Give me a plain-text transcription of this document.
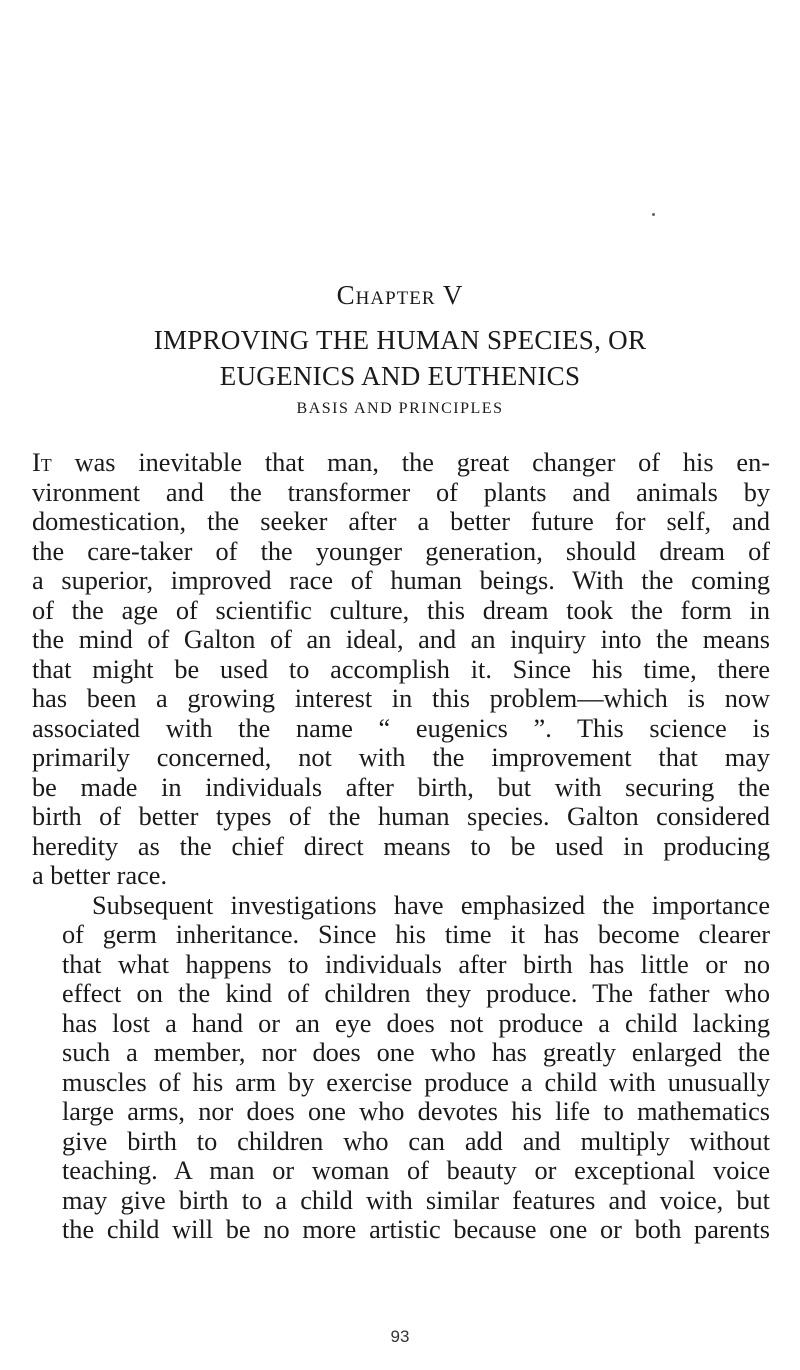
Chapter V
IMPROVING THE HUMAN SPECIES, OR
EUGENICS AND EUTHENICS
BASIS AND PRINCIPLES
It was inevitable that man, the great changer of his en-
vironment and the transformer of plants and animals by
domestication, the seeker after a better future for self, and
the care-taker of the younger generation, should dream of
a superior, improved race of human beings. With the coming
of the age of scientific culture, this dream took the form in
the mind of Galton of an ideal, and an inquiry into the means
that might be used to accomplish it. Since his time, there
has been a growing interest in this problem—which is now
associated with the name “ eugenics ”. This science is
primarily concerned, not with the improvement that may
be made in individuals after birth, but with securing the
birth of better types of the human species. Galton considered
heredity as the chief direct means to be used in producing
a better race.
Subsequent investigations have emphasized the importance
of germ inheritance. Since his time it has become clearer
that what happens to individuals after birth has little or no
effect on the kind of children they produce. The father who
has lost a hand or an eye does not produce a child lacking
such a member, nor does one who has greatly enlarged the
muscles of his arm by exercise produce a child with unusually
large arms, nor does one who devotes his life to mathematics
give birth to children who can add and multiply without
teaching. A man or woman of beauty or exceptional voice
may give birth to a child with similar features and voice, but
the child will be no more artistic because one or both parents
93
